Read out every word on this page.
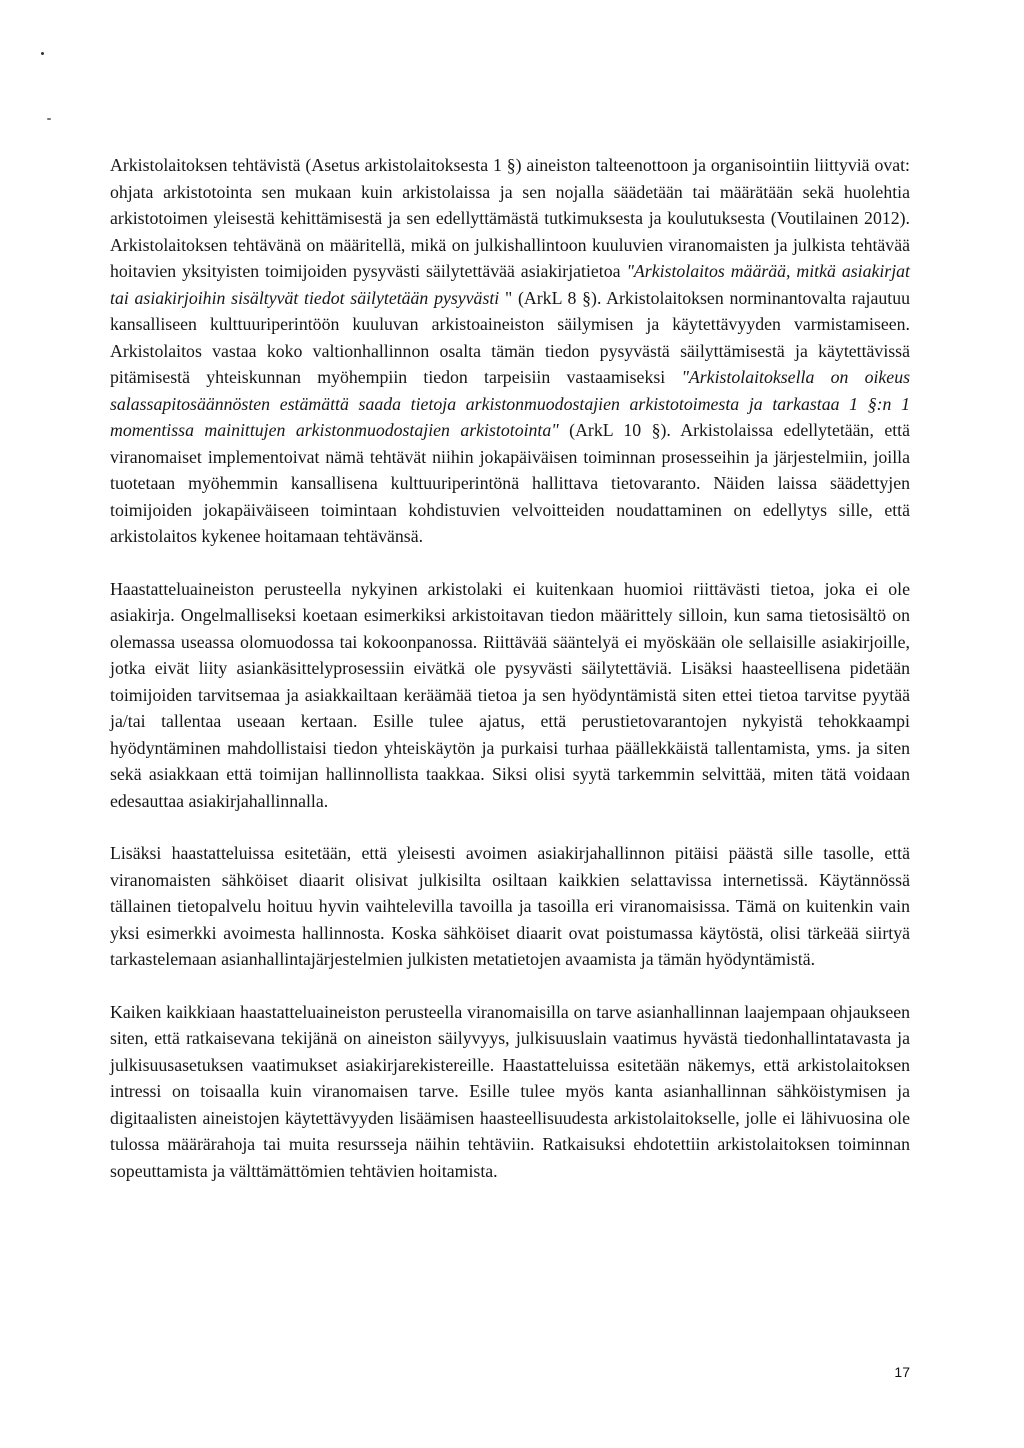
Arkistolaitoksen tehtävistä (Asetus arkistolaitoksesta 1 §) aineiston talteenottoon ja organisointiin liittyviä ovat: ohjata arkistotointa sen mukaan kuin arkistolaissa ja sen nojalla säädetään tai määrätään sekä huolehtia arkistotoimen yleisestä kehittämisestä ja sen edellyttämästä tutkimuksesta ja koulutuksesta (Voutilainen 2012). Arkistolaitoksen tehtävänä on määritellä, mikä on julkishallintoon kuuluvien viranomaisten ja julkista tehtävää hoitavien yksityisten toimijoiden pysyvästi säilytettävää asiakirjatietoa "Arkistolaitos määrää, mitkä asiakirjat tai asiakirjoihin sisältyvät tiedot säilytetään pysyvästi " (ArkL 8 §). Arkistolaitoksen norminantovalta rajautuu kansalliseen kulttuuriperintöön kuuluvan arkistoaineiston säilymisen ja käytettävyyden varmistamiseen. Arkistolaitos vastaa koko valtionhallinnon osalta tämän tiedon pysyvästä säilyttämisestä ja käytettävissä pitämisestä yhteiskunnan myöhempiin tiedon tarpeisiin vastaamiseksi "Arkistolaitoksella on oikeus salassapitosäännösten estämättä saada tietoja arkistonmuodostajien arkistotoimesta ja tarkastaa 1 §:n 1 momentissa mainittujen arkistonmuodostajien arkistotointa" (ArkL 10 §). Arkistolaissa edellytetään, että viranomaiset implementoivat nämä tehtävät niihin jokapäiväisen toiminnan prosesseihin ja järjestelmiin, joilla tuotetaan myöhemmin kansallisena kulttuuriperintönä hallittava tietovaranto. Näiden laissa säädettyjen toimijoiden jokapäiväiseen toimintaan kohdistuvien velvoitteiden noudattaminen on edellytys sille, että arkistolaitos kykenee hoitamaan tehtävänsä.

Haastatteluaineiston perusteella nykyinen arkistolaki ei kuitenkaan huomioi riittävästi tietoa, joka ei ole asiakirja. Ongelmalliseksi koetaan esimerkiksi arkistoitavan tiedon määrittely silloin, kun sama tietosisältö on olemassa useassa olomuodossa tai kokoonpanossa. Riittävää sääntelyä ei myöskään ole sellaisille asiakirjoille, jotka eivät liity asiankäsittelyprosessiin eivätkä ole pysyvästi säilytettäviä. Lisäksi haasteellisena pidetään toimijoiden tarvitsemaa ja asiakkailtaan keräämää tietoa ja sen hyödyntämistä siten ettei tietoa tarvitse pyytää ja/tai tallentaa useaan kertaan. Esille tulee ajatus, että perustietovarantojen nykyistä tehokkaampi hyödyntäminen mahdollistaisi tiedon yhteiskäytön ja purkaisi turhaa päällekkäistä tallentamista, yms. ja siten sekä asiakkaan että toimijan hallinnollista taakkaa. Siksi olisi syytä tarkemmin selvittää, miten tätä voidaan edesauttaa asiakirjahallinnalla.

Lisäksi haastatteluissa esitetään, että yleisesti avoimen asiakirjahallinnon pitäisi päästä sille tasolle, että viranomaisten sähköiset diaarit olisivat julkisilta osiltaan kaikkien selattavissa internetissä. Käytännössä tällainen tietopalvelu hoituu hyvin vaihtelevilla tavoilla ja tasoilla eri viranomaisissa. Tämä on kuitenkin vain yksi esimerkki avoimesta hallinnosta. Koska sähköiset diaarit ovat poistumassa käytöstä, olisi tärkeää siirtyä tarkastelemaan asianhallintajärjestelmien julkisten metatietojen avaamista ja tämän hyödyntämistä.

Kaiken kaikkiaan haastatteluaineiston perusteella viranomaisilla on tarve asianhallinnan laajempaan ohjaukseen siten, että ratkaisevana tekijänä on aineiston säilyvyys, julkisuuslain vaatimus hyvästä tiedonhallintatavasta ja julkisuusasetuksen vaatimukset asiakirjarekistereille. Haastatteluissa esitetään näkemys, että arkistolaitoksen intressi on toisaalla kuin viranomaisen tarve. Esille tulee myös kanta asianhallinnan sähköistymisen ja digitaalisten aineistojen käytettävyyden lisäämisen haasteellisuudesta arkistolaitokselle, jolle ei lähivuosina ole tulossa määrärahoja tai muita resursseja näihin tehtäviin. Ratkaisuksi ehdotettiin arkistolaitoksen toiminnan sopeuttamista ja välttämättömien tehtävien hoitamista.

17
